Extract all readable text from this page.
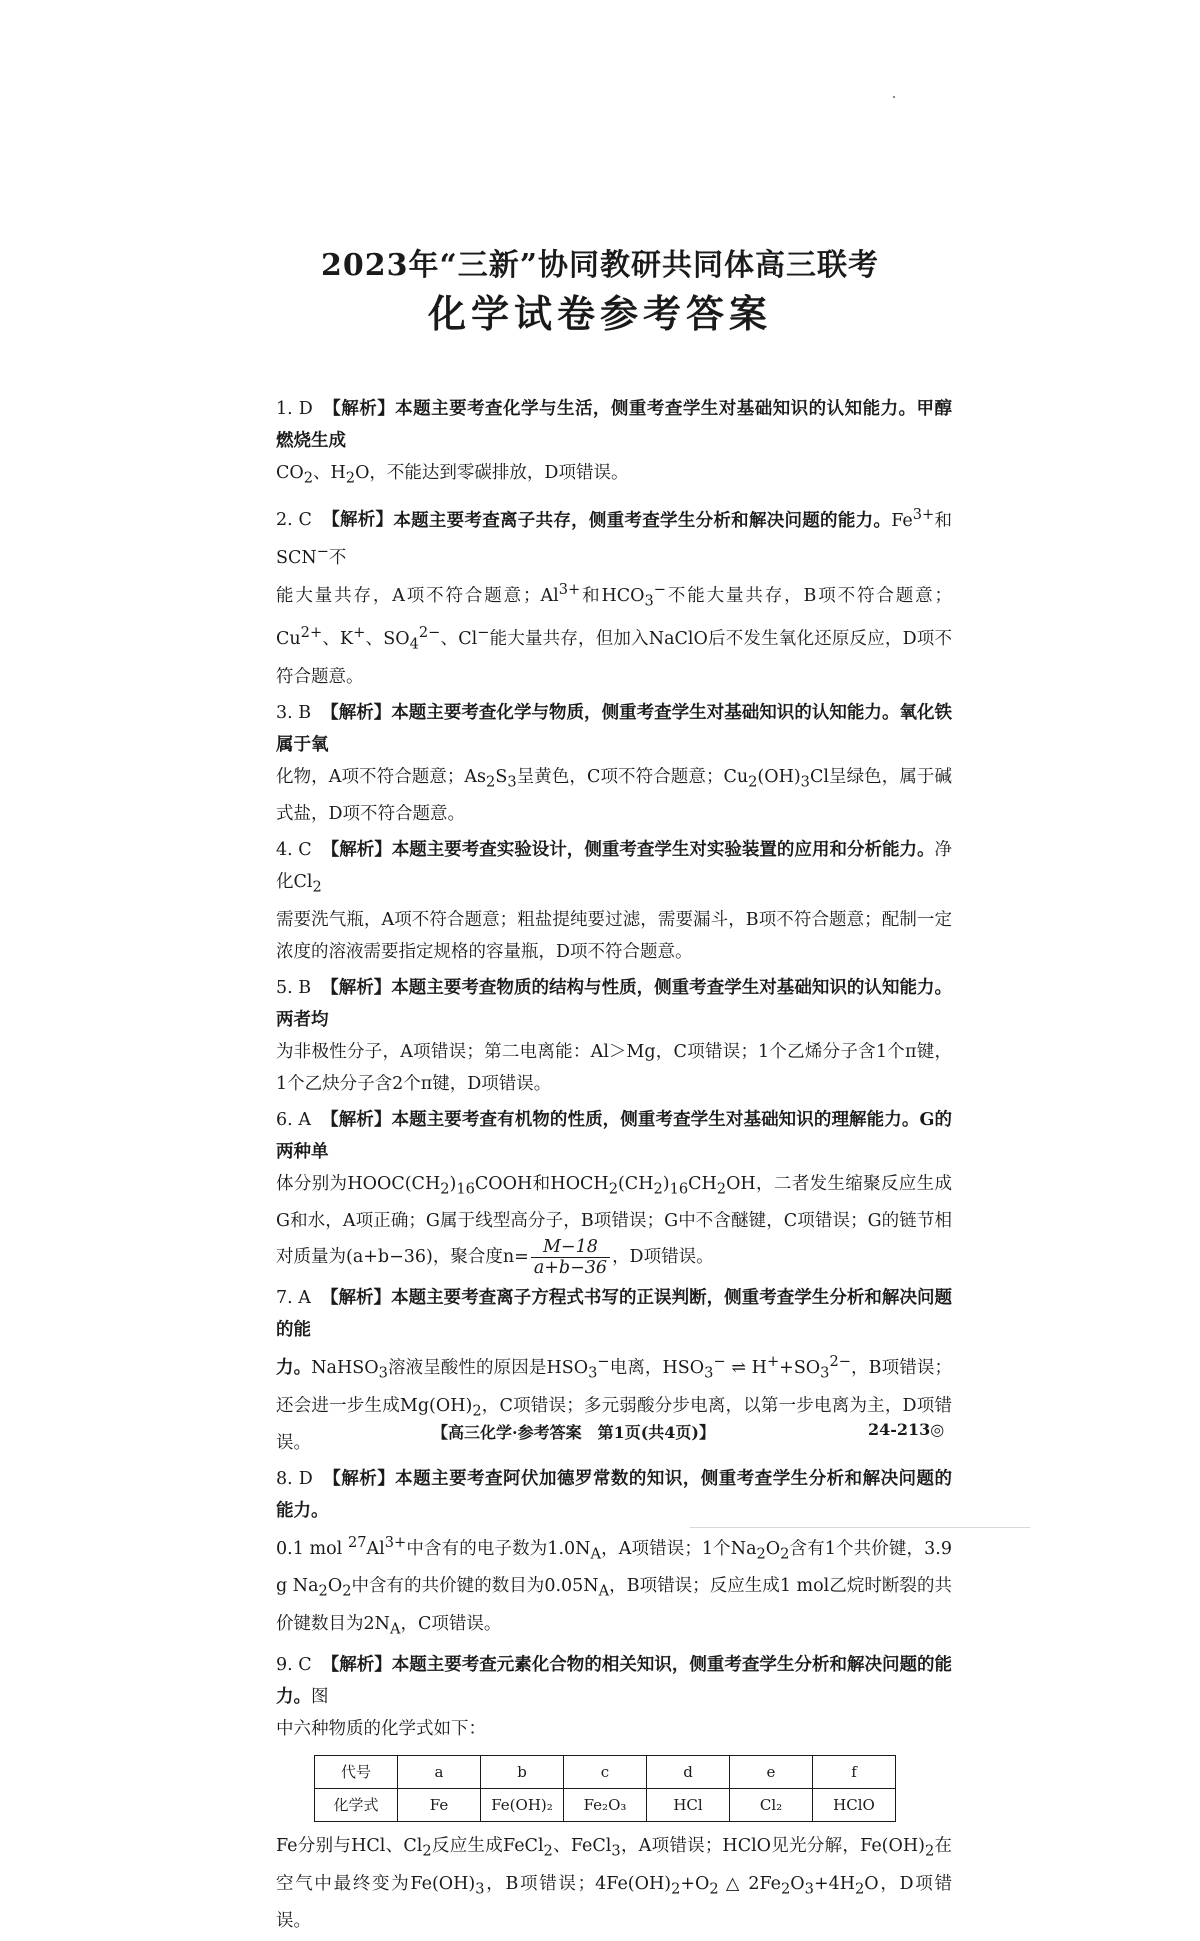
2023年“三新”协同教研共同体高三联考
化学试卷参考答案
1. D 【解析】本题主要考查化学与生活，侧重考查学生对基础知识的认知能力。甲醇燃烧生成
$CO_2$、$H_2O$，不能达到零碳排放，D项错误。
2. C 【解析】本题主要考查离子共存，侧重考查学生分析和解决问题的能力。$Fe^{3+}$和SCN−不
能大量共存，A项不符合题意；$Al^{3+}$和$HCO_3^-$不能大量共存，B项不符合题意；$Cu^{2+}$、K+、$SO_4^{2-}$、Cl−能大量共存，但加入NaClO后不发生氧化还原反应，D项不符合题意。
3. B 【解析】本题主要考查化学与物质，侧重考查学生对基础知识的认知能力。氧化铁属于氧
化物，A项不符合题意；$As_2S_3$呈黄色，C项不符合题意；$Cu_2(OH)_3Cl$呈绿色，属于碱式盐，D项不符合题意。
4. C 【解析】本题主要考查实验设计，侧重考查学生对实验装置的应用和分析能力。净化$Cl_2$
需要洗气瓶，A项不符合题意；粗盐提纯要过滤，需要漏斗，B项不符合题意；配制一定浓度的溶液需要指定规格的容量瓶，D项不符合题意。
5. B 【解析】本题主要考查物质的结构与性质，侧重考查学生对基础知识的认知能力。两者均
为非极性分子，A项错误；第二电离能：Al＞Mg，C项错误；1个乙烯分子含1个π键，1个乙炔分子含2个π键，D项错误。
6. A 【解析】本题主要考查有机物的性质，侧重考查学生对基础知识的理解能力。G的两种单
体分别为$HOOC(CH_2)_{16}COOH$和$HOCH_2(CH_2)_{16}CH_2OH$，二者发生缩聚反应生成G和水，A项正确；G属于线型高分子，B项错误；G中不含醚键，C项错误；G的链节相对质量为(a+b−36)，聚合度$n= \frac{M-18}{a+b-36}$ ，D项错误。
7. A 【解析】本题主要考查离子方程式书写的正误判断，侧重考查学生分析和解决问题的能
力。NaHSO$_3$溶液呈酸性的原因是$HSO_3^-$电离，$HSO_3^-$ ⇌ $H^++SO_3^{2-}$，B项错误；还会进一步生成$Mg(OH)_2$，C项错误；多元弱酸分步电离，以第一步电离为主，D项错误。
8. D 【解析】本题主要考查阿伏加德罗常数的知识，侧重考查学生分析和解决问题的能力。
0.1 mol $^{27}Al^{3+}$中含有的电子数为$1.0N_A$，A项错误；1个$Na_2O_2$含有1个共价键，3.9 g $Na_2O_2$中含有的共价键的数目为$0.05N_A$，B项错误；反应生成1 mol乙烷时断裂的共价键数目为$2N_A$，C项错误。
9. C 【解析】本题主要考查元素化合物的相关知识，侧重考查学生分析和解决问题的能力。图
中六种物质的化学式如下：
代号	a	b	c	d	e	f
化学式	Fe	Fe(OH)₂	Fe₂O₃	HCl	Cl₂	HClO
Fe分别与HCl、$Cl_2$反应生成FeCl$_2$、FeCl$_3$，A项错误；HClO见光分解，$Fe(OH)_2$在空气中最终变为$Fe(OH)_3$，B项错误；$4Fe(OH)_2+O_2$ △ $2Fe_2O_3+4H_2O$，D项错误。
【高三化学·参考答案　第1页(共4页)】	24-213◎
